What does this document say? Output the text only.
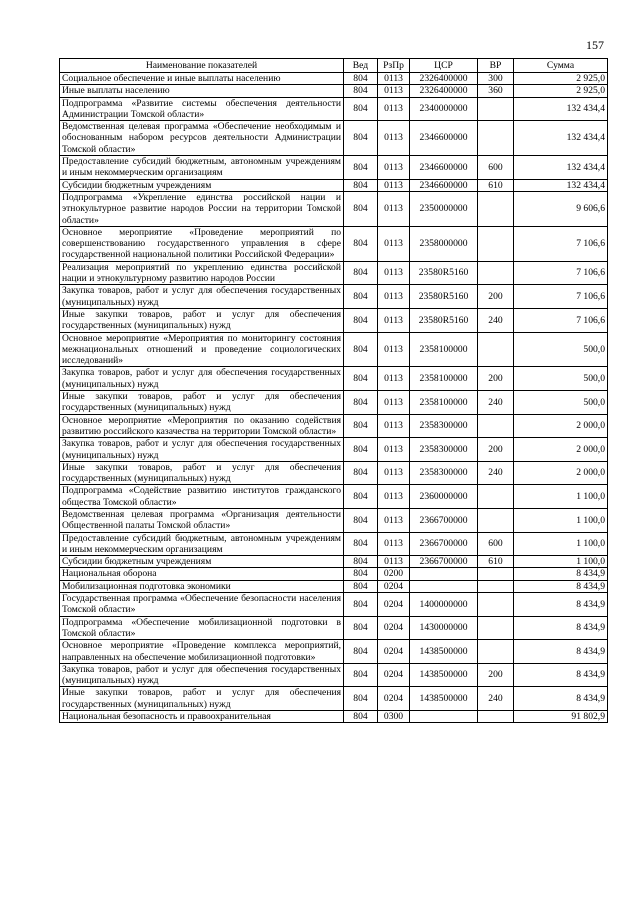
157
Наименование показателей	Вед	РзПр	ЦСР	ВР	Сумма
Социальное обеспечение и иные выплаты населению	804	0113	2326400000	300	2 925,0
Иные выплаты населению	804	0113	2326400000	360	2 925,0
Подпрограмма «Развитие системы обеспечения деятельности Администрации Томской области»	804	0113	2340000000		132 434,4
Ведомственная целевая программа «Обеспечение необходимым и обоснованным набором ресурсов деятельности Администрации Томской области»	804	0113	2346600000		132 434,4
Предоставление субсидий бюджетным, автономным учреждениям и иным некоммерческим организациям	804	0113	2346600000	600	132 434,4
Субсидии бюджетным учреждениям	804	0113	2346600000	610	132 434,4
Подпрограмма «Укрепление единства российской нации и этнокультурное развитие народов России на территории Томской области»	804	0113	2350000000		9 606,6
Основное мероприятие «Проведение мероприятий по совершенствованию государственного управления в сфере государственной национальной политики Российской Федерации»	804	0113	2358000000		7 106,6
Реализация мероприятий по укреплению единства российской нации и этнокультурному развитию народов России	804	0113	23580R5160		7 106,6
Закупка товаров, работ и услуг для обеспечения государственных (муниципальных) нужд	804	0113	23580R5160	200	7 106,6
Иные закупки товаров, работ и услуг для обеспечения государственных (муниципальных) нужд	804	0113	23580R5160	240	7 106,6
Основное мероприятие «Мероприятия по мониторингу состояния межнациональных отношений и проведение социологических исследований»	804	0113	2358100000		500,0
Закупка товаров, работ и услуг для обеспечения государственных (муниципальных) нужд	804	0113	2358100000	200	500,0
Иные закупки товаров, работ и услуг для обеспечения государственных (муниципальных) нужд	804	0113	2358100000	240	500,0
Основное мероприятие «Мероприятия по оказанию содействия развитию российского казачества на территории Томской области»	804	0113	2358300000		2 000,0
Закупка товаров, работ и услуг для обеспечения государственных (муниципальных) нужд	804	0113	2358300000	200	2 000,0
Иные закупки товаров, работ и услуг для обеспечения государственных (муниципальных) нужд	804	0113	2358300000	240	2 000,0
Подпрограмма «Содействие развитию институтов гражданского общества Томской области»	804	0113	2360000000		1 100,0
Ведомственная целевая программа «Организация деятельности Общественной палаты Томской области»	804	0113	2366700000		1 100,0
Предоставление субсидий бюджетным, автономным учреждениям и иным некоммерческим организациям	804	0113	2366700000	600	1 100,0
Субсидии бюджетным учреждениям	804	0113	2366700000	610	1 100,0
Национальная оборона	804	0200			8 434,9
Мобилизационная подготовка экономики	804	0204			8 434,9
Государственная программа «Обеспечение безопасности населения Томской области»	804	0204	1400000000		8 434,9
Подпрограмма «Обеспечение мобилизационной подготовки в Томской области»	804	0204	1430000000		8 434,9
Основное мероприятие «Проведение комплекса мероприятий, направленных на обеспечение мобилизационной подготовки»	804	0204	1438500000		8 434,9
Закупка товаров, работ и услуг для обеспечения государственных (муниципальных) нужд	804	0204	1438500000	200	8 434,9
Иные закупки товаров, работ и услуг для обеспечения государственных (муниципальных) нужд	804	0204	1438500000	240	8 434,9
Национальная безопасность и правоохранительная	804	0300			91 802,9
